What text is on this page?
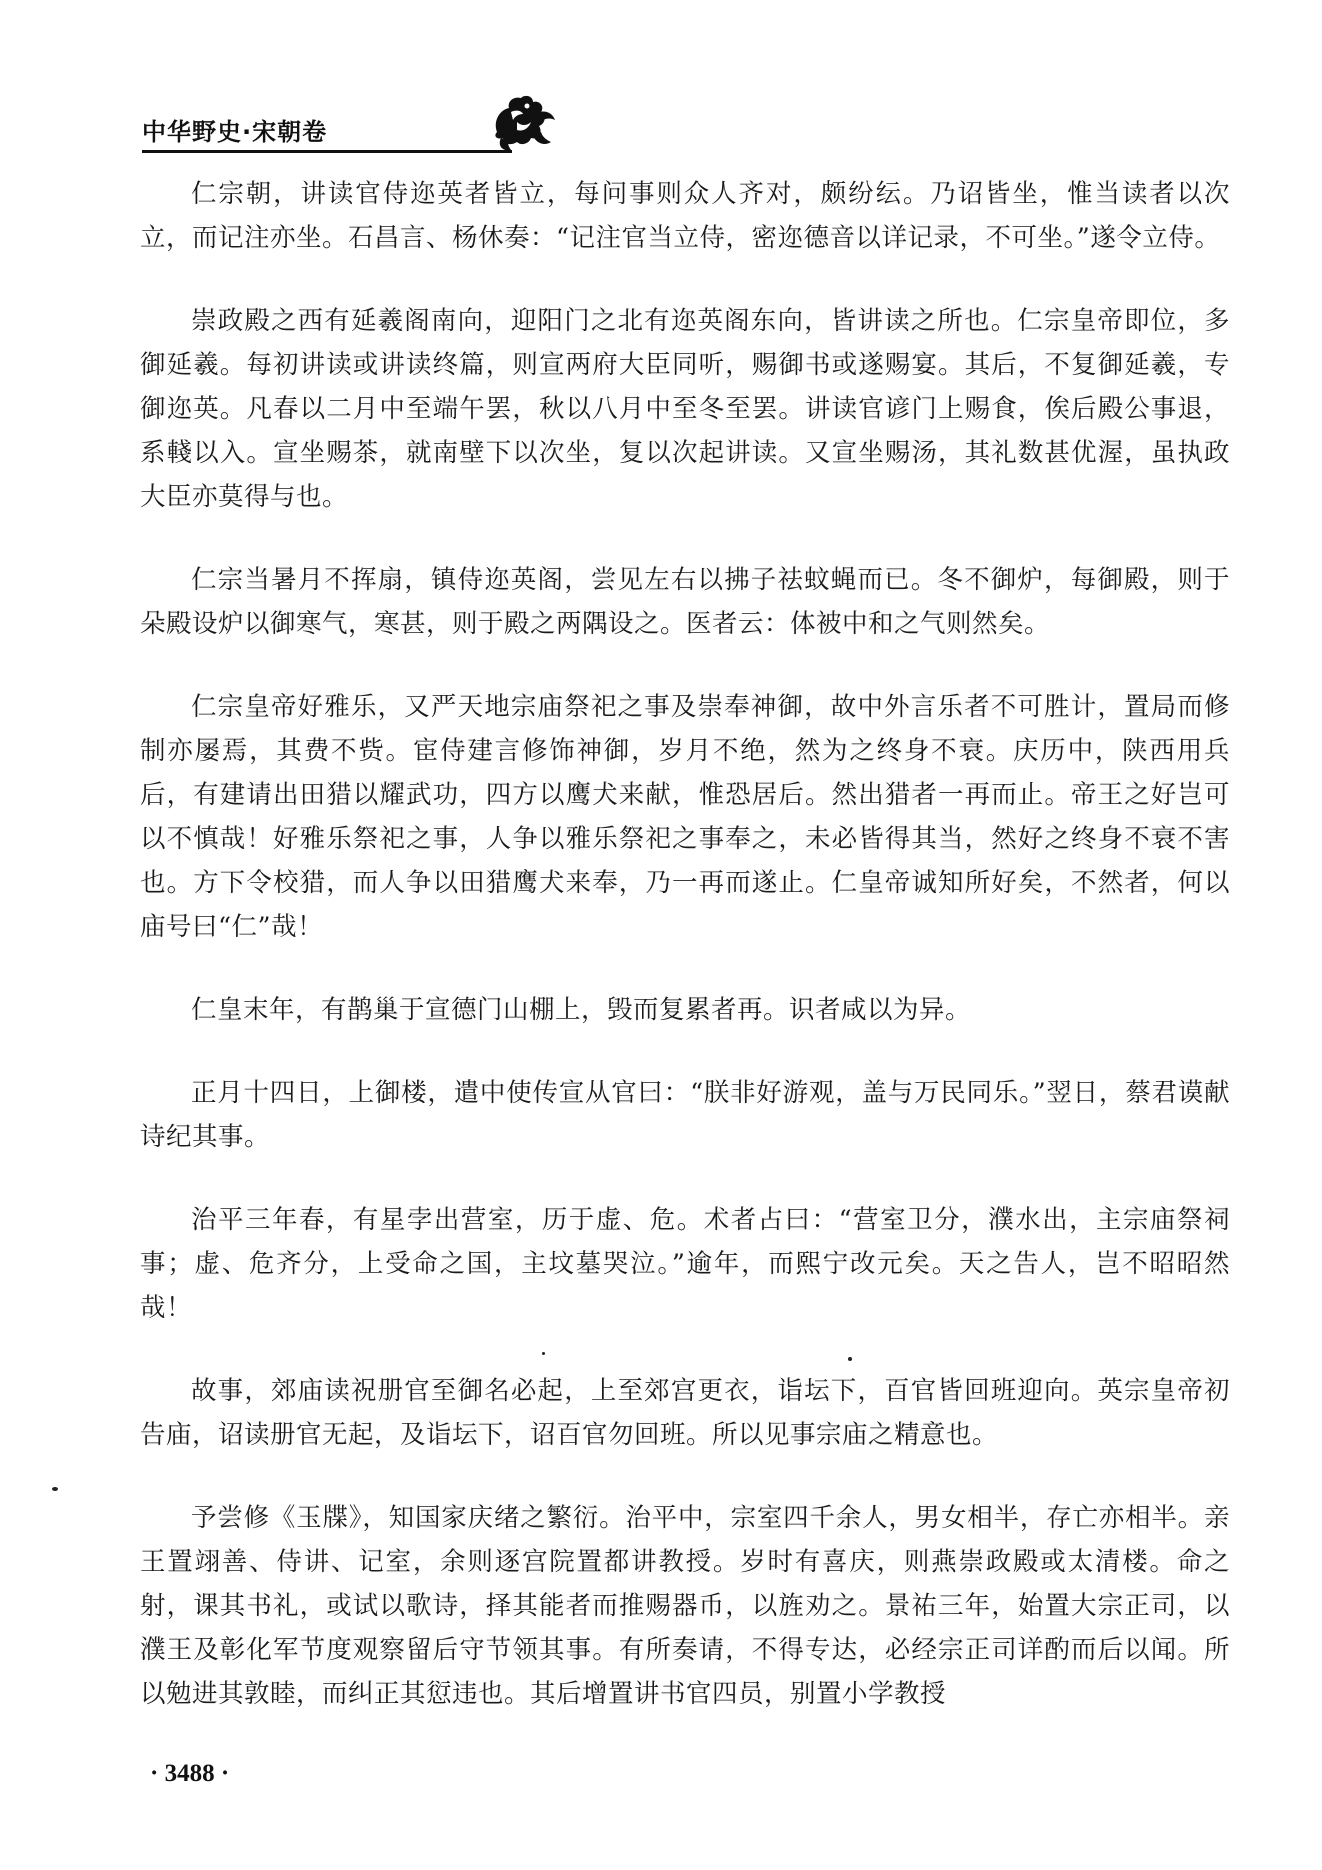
中华野史·宋朝卷

仁宗朝，讲读官侍迩英者皆立，每问事则众人齐对，颇纷纭。乃诏皆坐，惟当读者以次立，而记注亦坐。石昌言、杨休奏：“记注官当立侍，密迩德音以详记录，不可坐。”遂令立侍。

崇政殿之西有延羲阁南向，迎阳门之北有迩英阁东向，皆讲读之所也。仁宗皇帝即位，多御延羲。每初讲读或讲读终篇，则宣两府大臣同听，赐御书或遂赐宴。其后，不复御延羲，专御迩英。凡春以二月中至端午罢，秋以八月中至冬至罢。讲读官谚门上赐食，俟后殿公事退，系輚以入。宣坐赐茶，就南壁下以次坐，复以次起讲读。又宣坐赐汤，其礼数甚优渥，虽执政大臣亦莫得与也。

仁宗当暑月不挥扇，镇侍迩英阁，尝见左右以拂子祛蚊蝇而已。冬不御炉，每御殿，则于朵殿设炉以御寒气，寒甚，则于殿之两隅设之。医者云：体被中和之气则然矣。

仁宗皇帝好雅乐，又严天地宗庙祭祀之事及崇奉神御，故中外言乐者不可胜计，置局而修制亦屡焉，其费不赀。宦侍建言修饰神御，岁月不绝，然为之终身不衰。庆历中，陕西用兵后，有建请出田猎以耀武功，四方以鹰犬来献，惟恐居后。然出猎者一再而止。帝王之好岂可以不慎哉！好雅乐祭祀之事，人争以雅乐祭祀之事奉之，未必皆得其当，然好之终身不衰不害也。方下令校猎，而人争以田猎鹰犬来奉，乃一再而遂止。仁皇帝诚知所好矣，不然者，何以庙号曰“仁”哉！

仁皇末年，有鹊巢于宣德门山棚上，毁而复累者再。识者咸以为异。

正月十四日，上御楼，遣中使传宣从官曰：“朕非好游观，盖与万民同乐。”翌日，蔡君谟献诗纪其事。

治平三年春，有星孛出营室，历于虚、危。术者占曰：“营室卫分，濮水出，主宗庙祭祠事；虚、危齐分，上受命之国，主坟墓哭泣。”逾年，而熙宁改元矣。天之告人，岂不昭昭然哉！

故事，郊庙读祝册官至御名必起，上至郊宫更衣，诣坛下，百官皆回班迎向。英宗皇帝初告庙，诏读册官无起，及诣坛下，诏百官勿回班。所以见事宗庙之精意也。

予尝修《玉牒》，知国家庆绪之繁衍。治平中，宗室四千余人，男女相半，存亡亦相半。亲王置翊善、侍讲、记室，余则逐宫院置都讲教授。岁时有喜庆，则燕崇政殿或太清楼。命之射，课其书礼，或试以歌诗，择其能者而推赐器币，以旌劝之。景祐三年，始置大宗正司，以濮王及彰化军节度观察留后守节领其事。有所奏请，不得专达，必经宗正司详酌而后以闻。所以勉进其敦睦，而纠正其愆违也。其后增置讲书官四员，别置小学教授

· 3488 ·
